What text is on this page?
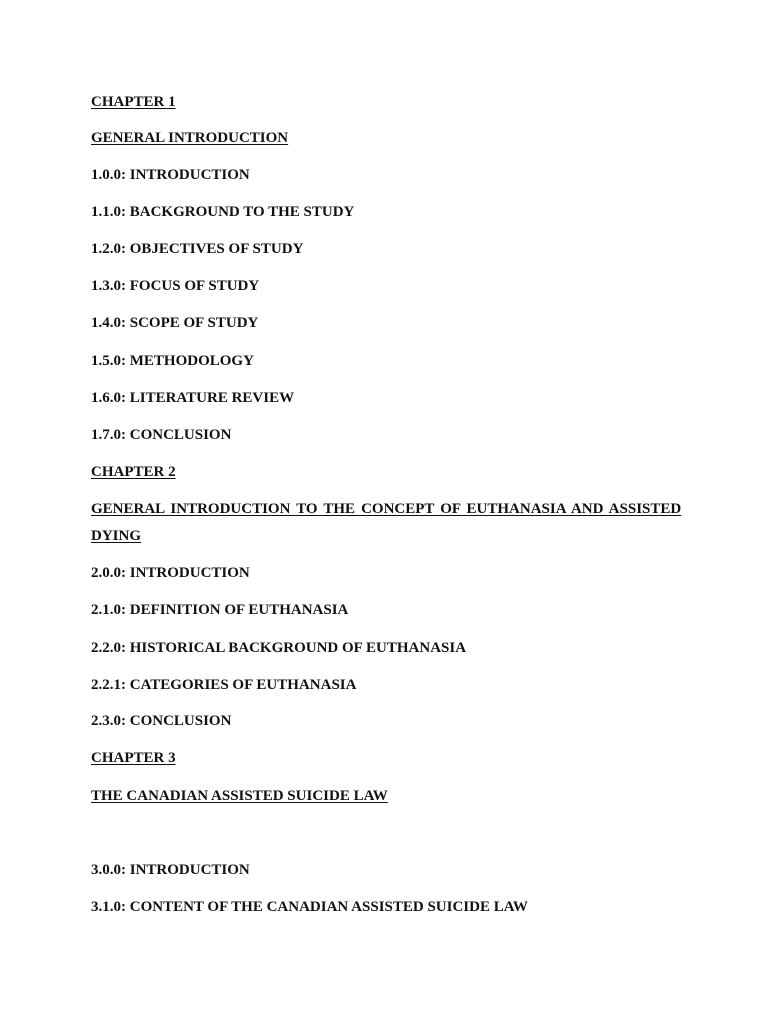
CHAPTER 1
GENERAL INTRODUCTION
1.0.0: INTRODUCTION
1.1.0: BACKGROUND TO THE STUDY
1.2.0: OBJECTIVES OF STUDY
1.3.0: FOCUS OF STUDY
1.4.0: SCOPE OF STUDY
1.5.0: METHODOLOGY
1.6.0: LITERATURE REVIEW
1.7.0: CONCLUSION
CHAPTER 2
GENERAL INTRODUCTION TO THE CONCEPT OF EUTHANASIA AND ASSISTED
DYING
2.0.0: INTRODUCTION
2.1.0: DEFINITION OF EUTHANASIA
2.2.0: HISTORICAL BACKGROUND OF EUTHANASIA
2.2.1: CATEGORIES OF EUTHANASIA
2.3.0: CONCLUSION
CHAPTER 3
THE CANADIAN ASSISTED SUICIDE LAW
3.0.0: INTRODUCTION
3.1.0: CONTENT OF THE CANADIAN ASSISTED SUICIDE LAW
